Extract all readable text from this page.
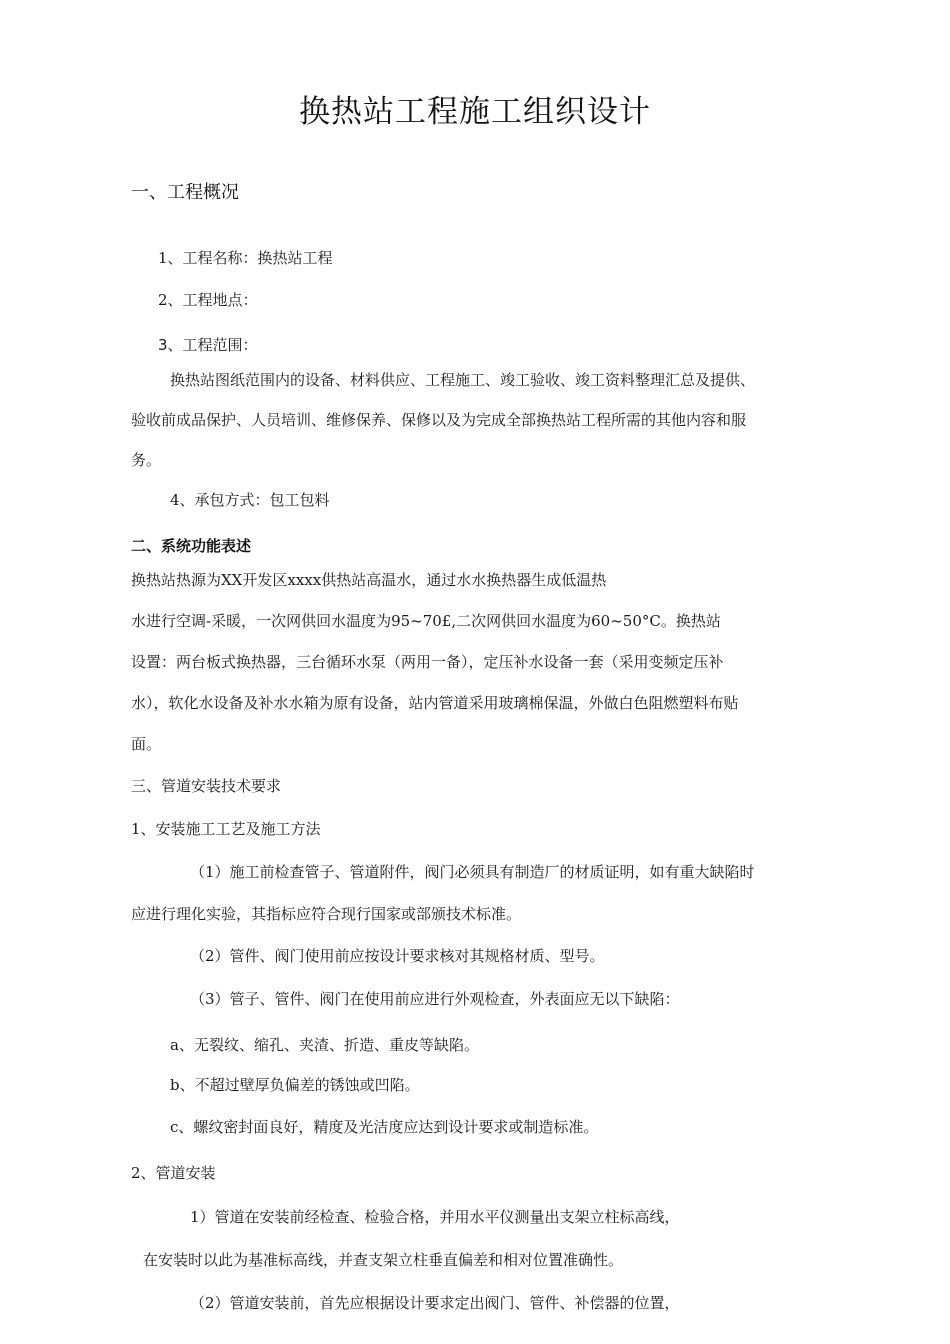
换热站工程施工组织设计
一、工程概况
1、工程名称：换热站工程
2、工程地点：
3、工程范围：
换热站图纸范围内的设备、材料供应、工程施工、竣工验收、竣工资料整理汇总及提供、
验收前成品保护、人员培训、维修保养、保修以及为完成全部换热站工程所需的其他内容和服
务。
4、承包方式：包工包料
二、系统功能表述
换热站热源为XX开发区xxxx供热站高温水，通过水水换热器生成低温热
水进行空调-采暖，一次网供回水温度为95~70£,二次网供回水温度为60~50°C。换热站
设置：两台板式换热器，三台循环水泵（两用一备），定压补水设备一套（采用变频定压补
水），软化水设备及补水水箱为原有设备，站内管道采用玻璃棉保温，外做白色阻燃塑料布贴
面。
三、管道安装技术要求
1、安装施工工艺及施工方法
（1）施工前检查管子、管道附件，阀门必须具有制造厂的材质证明，如有重大缺陷时
应进行理化实验，其指标应符合现行国家或部颁技术标准。
（2）管件、阀门使用前应按设计要求核对其规格材质、型号。
（3）管子、管件、阀门在使用前应进行外观检查，外表面应无以下缺陷：
a、无裂纹、缩孔、夹渣、折造、重皮等缺陷。
b、不超过壁厚负偏差的锈蚀或凹陷。
c、螺纹密封面良好，精度及光洁度应达到设计要求或制造标准。
2、管道安装
1）管道在安装前经检查、检验合格，并用水平仪测量出支架立柱标高线，
在安装时以此为基准标高线，并查支架立柱垂直偏差和相对位置准确性。
（2）管道安装前，首先应根据设计要求定出阀门、管件、补偿器的位置，
